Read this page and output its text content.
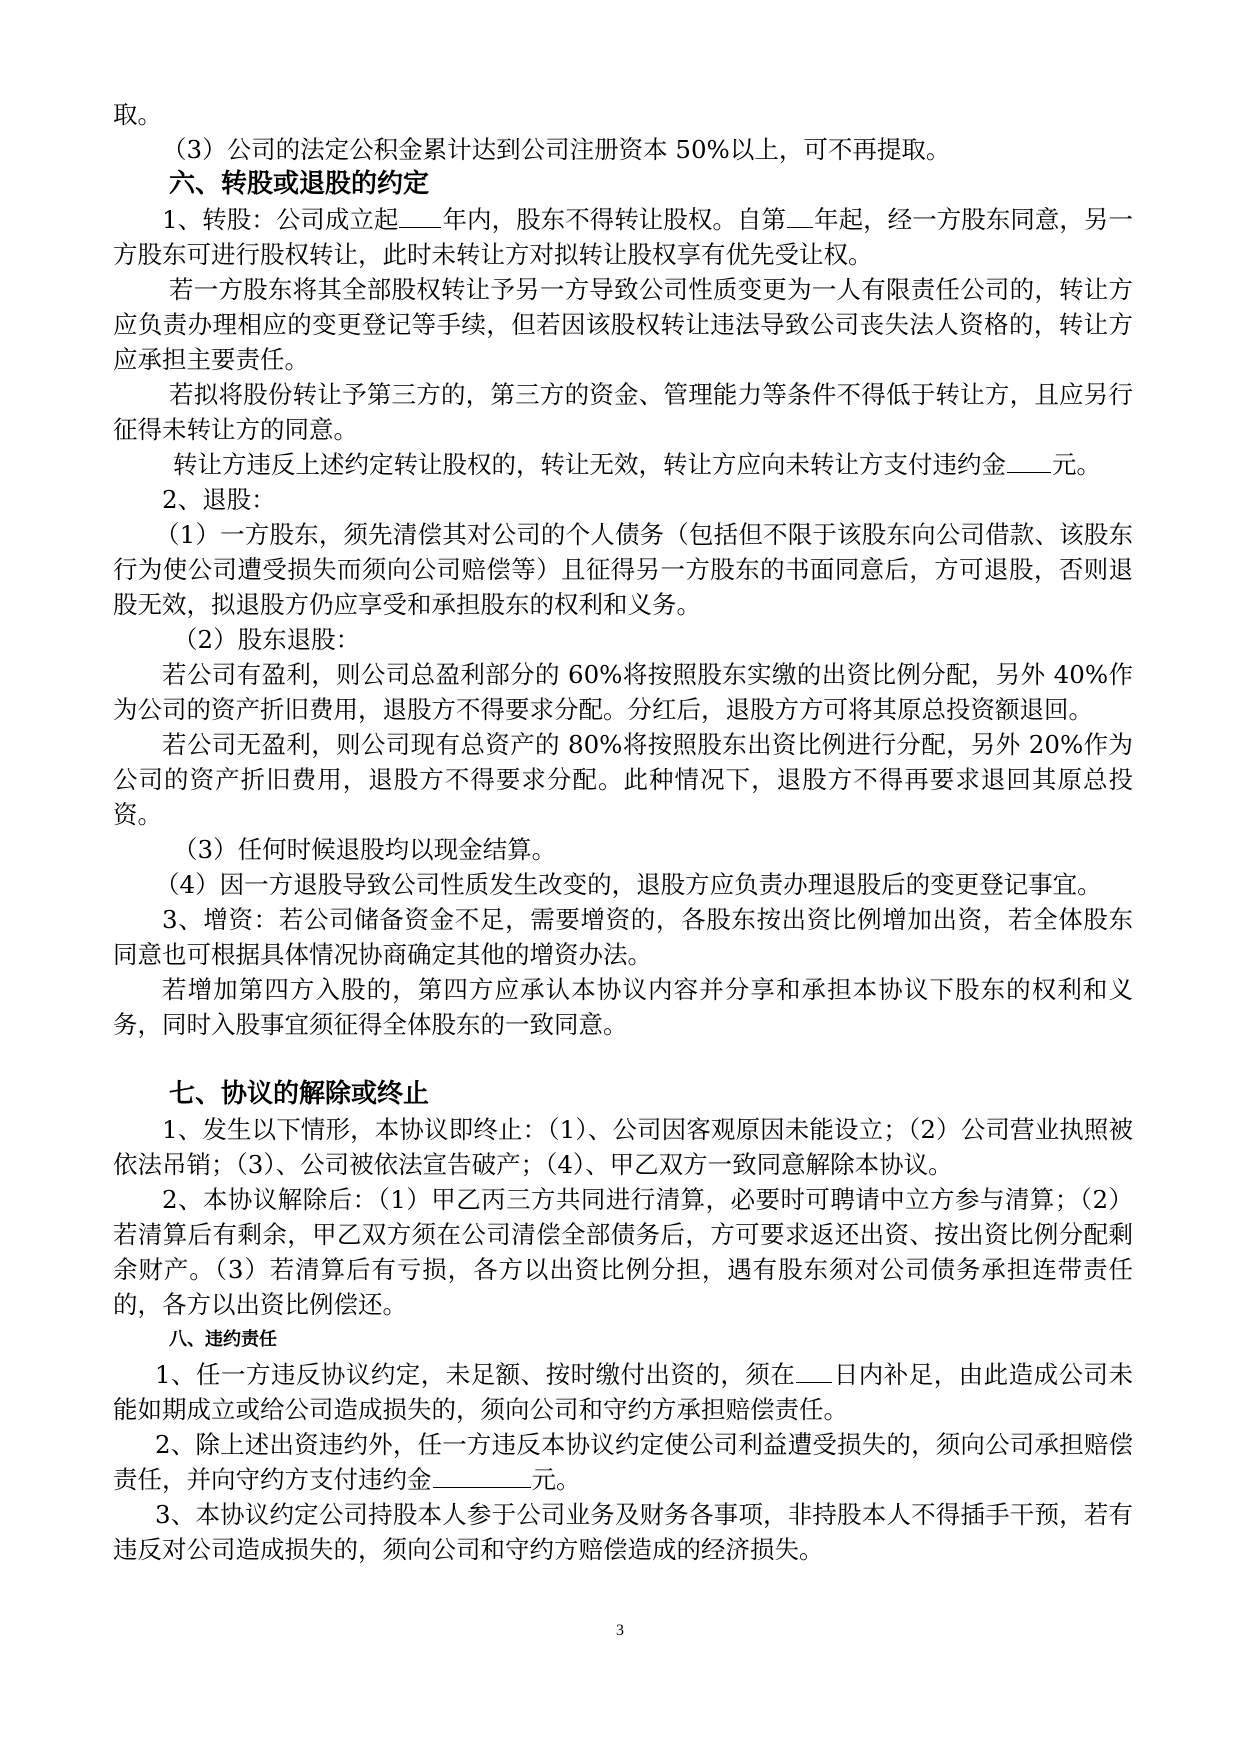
取。

（3）公司的法定公积金累计达到公司注册资本 50%以上，可不再提取。

六、转股或退股的约定

1、转股：公司成立起 年内，股东不得转让股权。自第 年起，经一方股东同意，另一方股东可进行股权转让，此时未转让方对拟转让股权享有优先受让权。

若一方股东将其全部股权转让予另一方导致公司性质变更为一人有限责任公司的，转让方应负责办理相应的变更登记等手续，但若因该股权转让违法导致公司丧失法人资格的，转让方应承担主要责任。

若拟将股份转让予第三方的，第三方的资金、管理能力等条件不得低于转让方，且应另行征得未转让方的同意。

转让方违反上述约定转让股权的，转让无效，转让方应向未转让方支付违约金 元。

2、退股：

（1）一方股东，须先清偿其对公司的个人债务（包括但不限于该股东向公司借款、该股东行为使公司遭受损失而须向公司赔偿等）且征得另一方股东的书面同意后，方可退股，否则退股无效，拟退股方仍应享受和承担股东的权利和义务。

（2）股东退股：

若公司有盈利，则公司总盈利部分的 60%将按照股东实缴的出资比例分配，另外 40%作为公司的资产折旧费用，退股方不得要求分配。分红后，退股方方可将其原总投资额退回。

若公司无盈利，则公司现有总资产的 80%将按照股东出资比例进行分配，另外 20%作为公司的资产折旧费用，退股方不得要求分配。此种情况下，退股方不得再要求退回其原总投资。

（3）任何时候退股均以现金结算。

（4）因一方退股导致公司性质发生改变的，退股方应负责办理退股后的变更登记事宜。

3、增资：若公司储备资金不足，需要增资的，各股东按出资比例增加出资，若全体股东同意也可根据具体情况协商确定其他的增资办法。

若增加第四方入股的，第四方应承认本协议内容并分享和承担本协议下股东的权利和义务，同时入股事宜须征得全体股东的一致同意。

七、协议的解除或终止

1、发生以下情形，本协议即终止：（1）、公司因客观原因未能设立；（2）公司营业执照被依法吊销；（3）、公司被依法宣告破产；（4）、甲乙双方一致同意解除本协议。

2、本协议解除后：（1）甲乙丙三方共同进行清算，必要时可聘请中立方参与清算；（2）若清算后有剩余，甲乙双方须在公司清偿全部债务后，方可要求返还出资、按出资比例分配剩余财产。（3）若清算后有亏损，各方以出资比例分担，遇有股东须对公司债务承担连带责任的，各方以出资比例偿还。

八、违约责任

1、任一方违反协议约定，未足额、按时缴付出资的，须在 日内补足，由此造成公司未能如期成立或给公司造成损失的，须向公司和守约方承担赔偿责任。

2、除上述出资违约外，任一方违反本协议约定使公司利益遭受损失的，须向公司承担赔偿责任，并向守约方支付违约金	元。

3、本协议约定公司持股本人参于公司业务及财务各事项，非持股本人不得插手干预，若有违反对公司造成损失的，须向公司和守约方赔偿造成的经济损失。

3
